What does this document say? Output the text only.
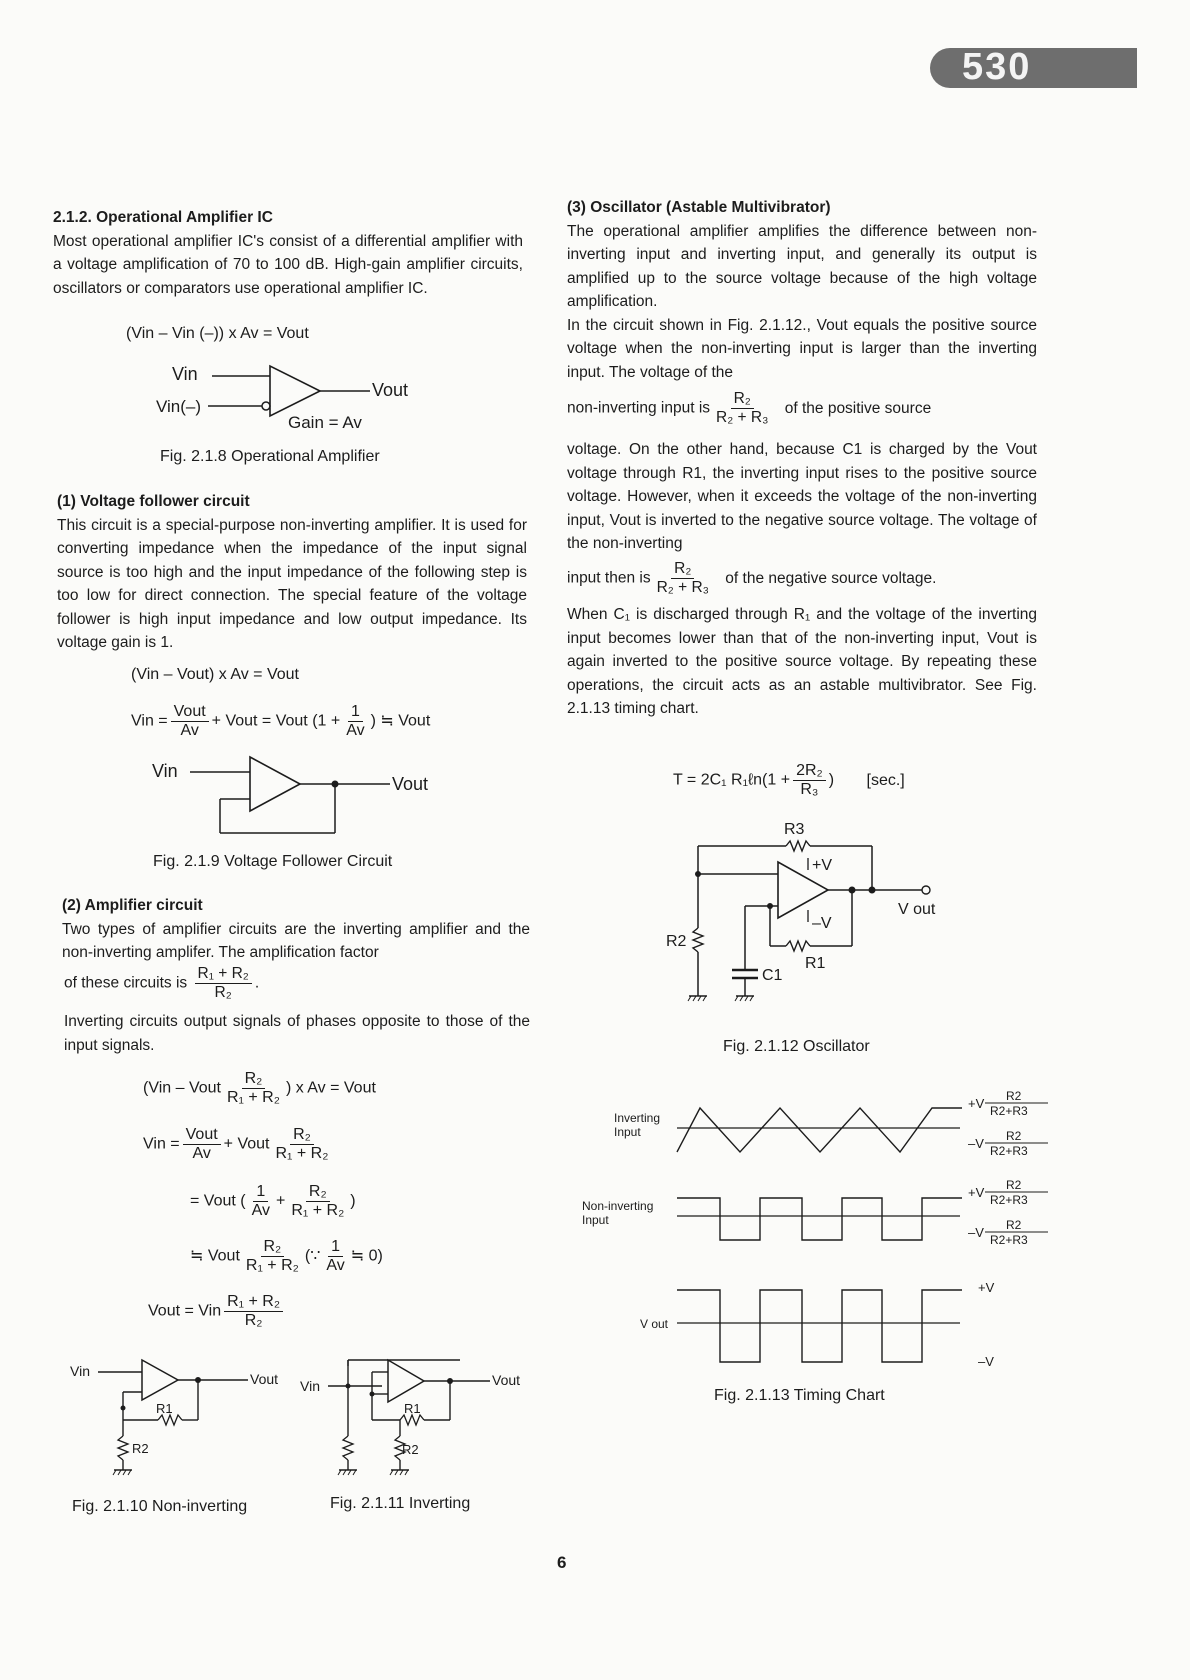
530
2.1.2. Operational Amplifier IC

Most operational amplifier IC's consist of a differential amplifier with a voltage amplification of 70 to 100 dB. High-gain amplifier circuits, oscillators or comparators use operational amplifier IC.

(Vin – Vin (–)) x Av = Vout
Vin
Vin(–)
Vout
Gain = Av
Fig. 2.1.8 Operational Amplifier
(1) Voltage follower circuit

This circuit is a special-purpose non-inverting amplifier. It is used for converting impedance when the impedance of the input signal source is too high and the input impedance of the following step is too low for direct connection. The special feature of the voltage follower is high input impedance and low output impedance. Its voltage gain is 1.

(Vin – Vout) x Av = Vout
Vin = $\frac{\text{Vout}}{Av}$ + Vout = Vout ($1 + \frac{1}{Av}$ ) ≒ Vout
Vin
Vout
Fig. 2.1.9 Voltage Follower Circuit
(2) Amplifier circuit

Two types of amplifier circuits are the inverting amplifier and the non-inverting amplifer. The amplification factor

of these circuits is $\frac{\text{R₁ + R₂}}{\text{R₂}}$ .

Inverting circuits output signals of phases opposite to those of the input signals.

(Vin – Vout $\frac{\text{R₂}}{\text{R₁ + R₂}}$ ) x Av = Vout
Vin = $\frac{\text{Vout}}{Av}$ + Vout $\frac{\text{R₂}}{\text{R₁ + R₂}}$
= Vout ( $\frac{1}{Av} + \frac{\text{R₂}}{\text{R₁ + R₂}}$ )
≒ Vout $\frac{\text{R₂}}{\text{R₁ + R₂}}$ (∵ $\frac{1}{Av}$ ≒ 0)
Vout = Vin $\frac{\text{R₁ + R₂}}{\text{R₂}}$
Vin	Vout
R1
R2
Fig. 2.1.10 Non-inverting
Vin	Vout
R1
R2
Fig. 2.1.11 Inverting
(3) Oscillator (Astable Multivibrator)

The operational amplifier amplifies the difference between non-inverting input and inverting input, and generally its output is amplified up to the source voltage because of the high voltage amplification.

In the circuit shown in Fig. 2.1.12., Vout equals the positive source voltage when the non-inverting input is larger than the inverting input. The voltage of the

non-inverting input is $\frac{\text{R₂}}{\text{R₂ + R₃}}$ of the positive source

voltage. On the other hand, because C1 is charged by the Vout voltage through R1, the inverting input rises to the positive source voltage. However, when it exceeds the voltage of the non-inverting input, Vout is inverted to the negative source voltage. The voltage of the non-inverting

input then is $\frac{\text{R₂}}{\text{R₂ + R₃}}$ of the negative source voltage.

When C₁ is discharged through R₁ and the voltage of the inverting input becomes lower than that of the non-inverting input, Vout is again inverted to the positive source voltage. By repeating these operations, the circuit acts as an astable multivibrator. See Fig. 2.1.13 timing chart.

T = 2C₁ R₁ℓn(1 + $\frac{\text{2R₂}}{\text{R₃}}$ ) [sec.]
R3
+V
V out
–V
R1
R2
C1
Fig. 2.1.12 Oscillator
Inverting
Input
+V R2
R2+R3
–V R2
R2+R3
Non-inverting
Input
+V R2
R2+R3
–V R2
R2+R3
V out
+V
–V
Fig. 2.1.13 Timing Chart
6
